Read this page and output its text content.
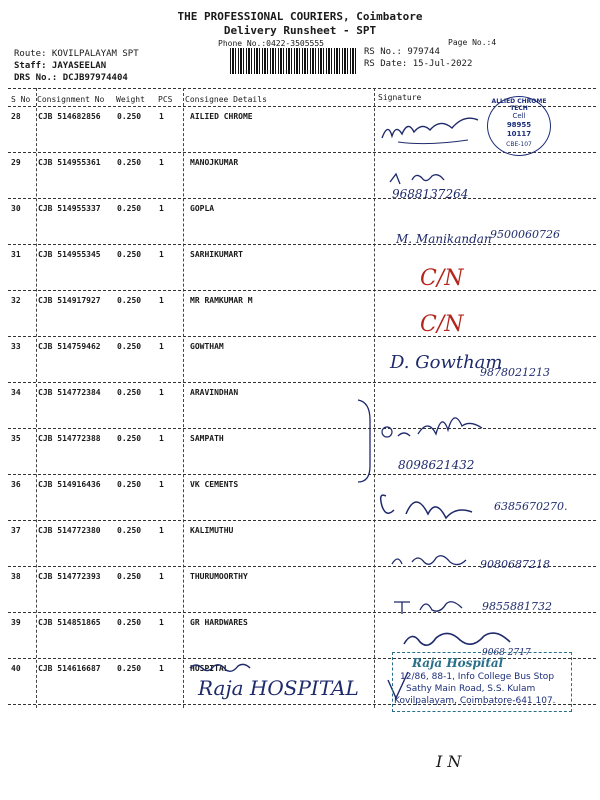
THE PROFESSIONAL COURIERS, Coimbatore
Delivery Runsheet - SPT
Phone No.:0422-3505555	Page No.:4
Route: KOVILPALAYAM SPT
Staff: JAYASEELAN
DRS No.: DCJB97974404
RS No.: 979744
RS Date: 15-Jul-2022
S No Consignment No Weight PCS Consignee Details	Signature
28 CJB 514682856 0.250 1	AILIED CHROME
29 CJB 514955361 0.250 1	MANOJKUMAR
30 CJB 514955337 0.250 1	GOPLA
31 CJB 514955345 0.250 1	SARHIKUMART
32 CJB 514917927 0.250 1	MR RAMKUMAR M
33 CJB 514759462 0.250 1	GOWTHAM
34 CJB 514772384 0.250 1	ARAVINDHAN
35 CJB 514772388 0.250 1	SAMPATH
36 CJB 514916436 0.250 1	VK CEMENTS
37 CJB 514772380 0.250 1	KALIMUTHU
38 CJB 514772393 0.250 1	THURUMOORTHY
39 CJB 514851865 0.250 1	GR HARDWARES
40 CJB 514616687 0.250 1	HOSPITAL
ALLIED CHROME TECH
Cell
98955
10117
CBE-107
9688137264
M. Manikandan
9500060726
C/N
C/N
D. Gowtham
9878021213
8098621432
6385670270.
9080687218
9855881732
9068 2717
Raja HOSPITAL
Raja Hospital
12/86, 88-1, Info College Bus Stop
Sathy Main Road, S.S. Kulam
Kovilpalayam, Coimbatore-641 107.
I N
